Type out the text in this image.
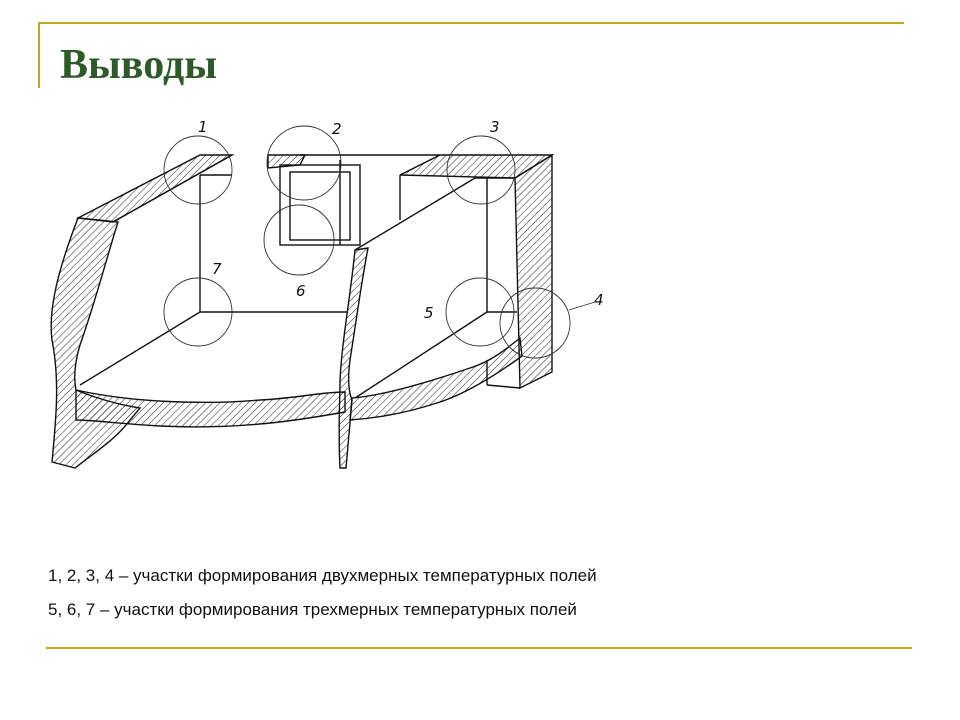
Выводы
1	2	3
4
5
6
7

1, 2, 3, 4 – участки формирования двухмерных температурных полей

5, 6, 7 – участки формирования трехмерных температурных полей
